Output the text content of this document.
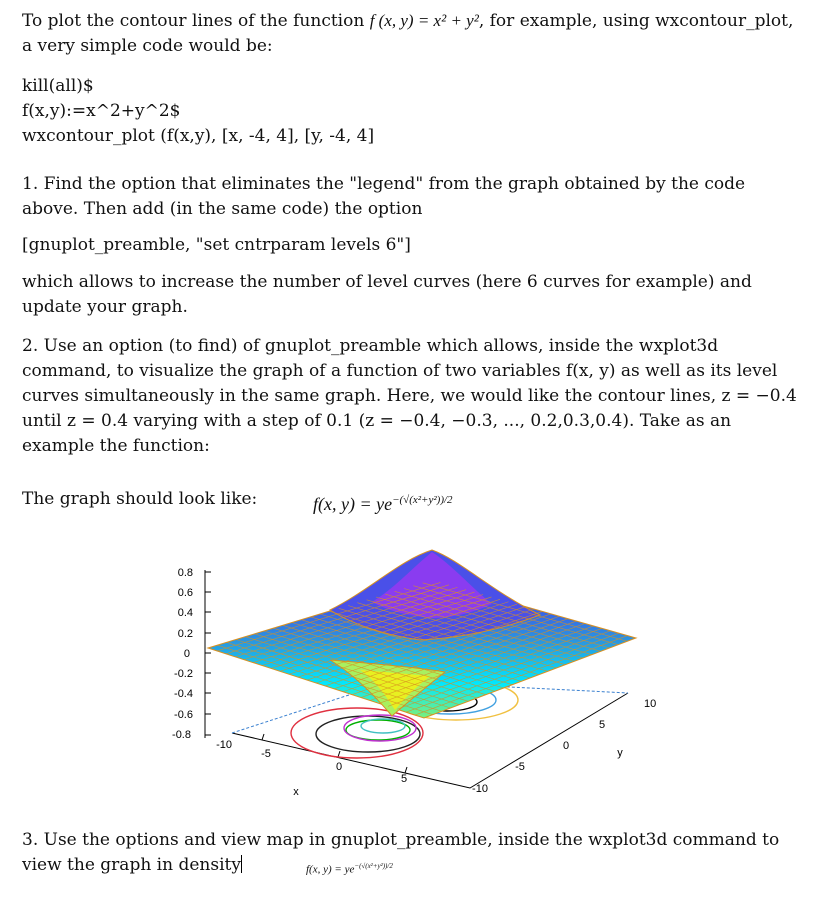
To plot the contour lines of the function f (x, y) = x² + y², for example, using wxcontour_plot, a very simple code would be:

kill(all)$

f(x,y):=x^2+y^2$

wxcontour_plot (f(x,y), [x, -4, 4], [y, -4, 4]

1. Find the option that eliminates the "legend" from the graph obtained by the code above. Then add (in the same code) the option

[gnuplot_preamble, "set cntrparam levels 6"]

which allows to increase the number of level curves (here 6 curves for example) and update your graph.

2. Use an option (to find) of gnuplot_preamble which allows, inside the wxplot3d command, to visualize the graph of a function of two variables f(x, y) as well as its level curves simultaneously in the same graph. Here, we would like the contour lines, z = −0.4 until z = 0.4 varying with a step of 0.1 (z = −0.4, −0.3, ..., 0.2,0.3,0.4). Take as an example the function:

The graph should look like:	f(x, $y) = ye^{-(√(x^2+y^2))/2}$
0.8
0.6
0.4
0.2
0
-0.2
-0.4
-0.6
-0.8
-10
-5
0
5
x
10
5
0
-5
-10
y

3. Use the options and view map in gnuplot_preamble, inside the wxplot3d command to view the graph in density	f(x, $y) = ye^{-(√(x^2+y^2))/2}$
